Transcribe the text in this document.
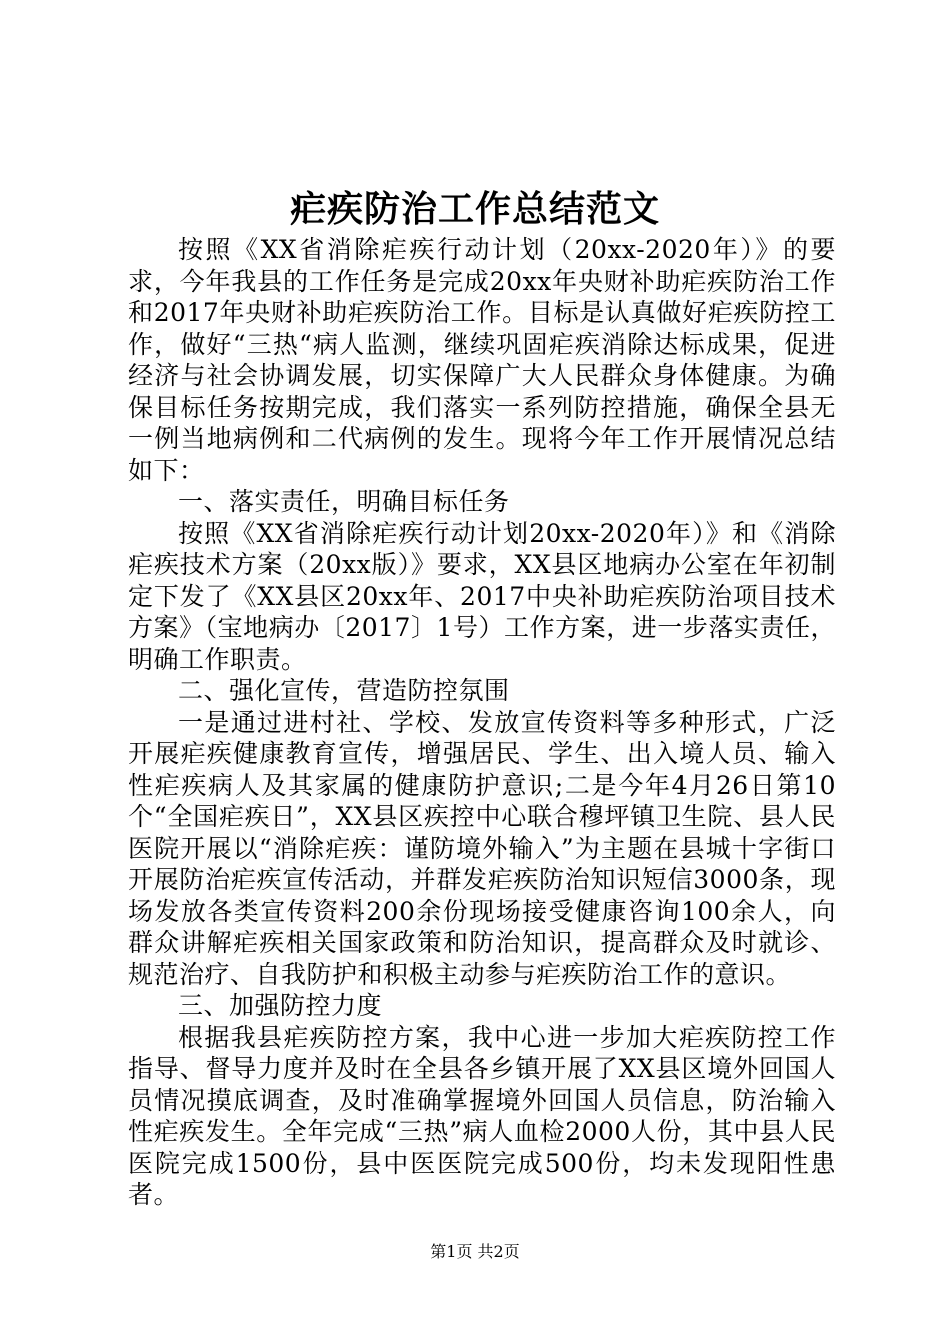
疟疾防治工作总结范文

按照《XX省消除疟疾行动计划（20xx-2020年）》的要求，今年我县的工作任务是完成20xx年央财补助疟疾防治工作和2017年央财补助疟疾防治工作。目标是认真做好疟疾防控工作，做好“三热“病人监测，继续巩固疟疾消除达标成果，促进经济与社会协调发展，切实保障广大人民群众身体健康。为确保目标任务按期完成，我们落实一系列防控措施，确保全县无一例当地病例和二代病例的发生。现将今年工作开展情况总结如下：

一、落实责任，明确目标任务

按照《XX省消除疟疾行动计划20xx-2020年）》和《消除疟疾技术方案（20xx版）》要求，XX县区地病办公室在年初制定下发了《XX县区20xx年、2017中央补助疟疾防治项目技术方案》（宝地病办〔2017〕1号）工作方案，进一步落实责任，明确工作职责。

二、强化宣传，营造防控氛围

一是通过进村社、学校、发放宣传资料等多种形式，广泛开展疟疾健康教育宣传，增强居民、学生、出入境人员、输入性疟疾病人及其家属的健康防护意识;二是今年4月26日第10个“全国疟疾日”，XX县区疾控中心联合穆坪镇卫生院、县人民医院开展以“消除疟疾：谨防境外输入”为主题在县城十字街口开展防治疟疾宣传活动，并群发疟疾防治知识短信3000条，现场发放各类宣传资料200余份现场接受健康咨询100余人，向群众讲解疟疾相关国家政策和防治知识，提高群众及时就诊、规范治疗、自我防护和积极主动参与疟疾防治工作的意识。

三、加强防控力度

根据我县疟疾防控方案，我中心进一步加大疟疾防控工作指导、督导力度并及时在全县各乡镇开展了XX县区境外回国人员情况摸底调查，及时准确掌握境外回国人员信息，防治输入性疟疾发生。全年完成“三热”病人血检2000人份，其中县人民医院完成1500份，县中医医院完成500份，均未发现阳性患者。

第1页 共2页
